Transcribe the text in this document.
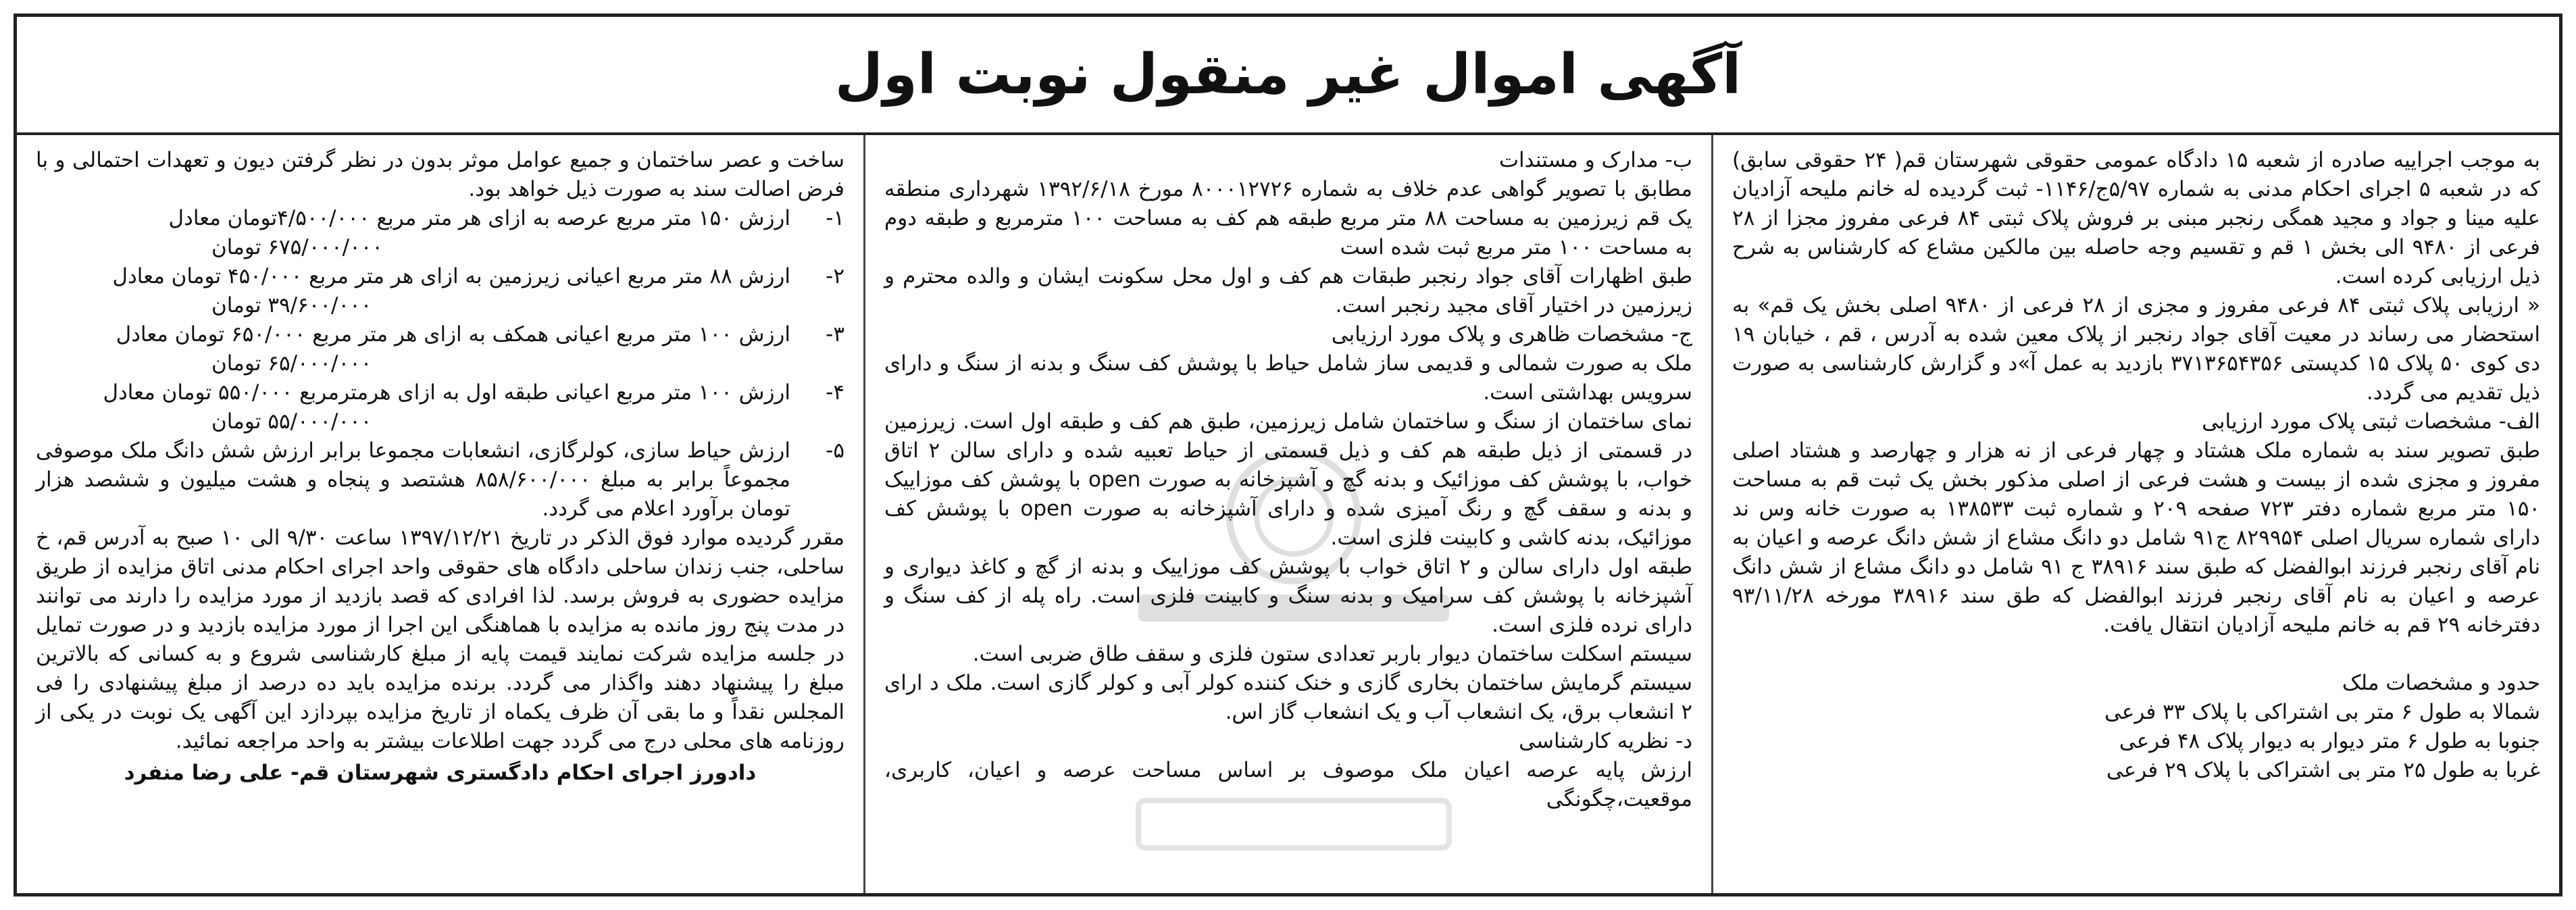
آگهی اموال غیر منقول نوبت اول

به موجب اجراییه صادره از شعبه ۱۵ دادگاه عمومی حقوقی شهرستان قم( ۲۴ حقوقی سابق) که در شعبه ۵ اجرای احکام مدنی به شماره ۵/۹۷ج/۱۱۴۶- ثبت گردیده له خانم ملیحه آزادیان علیه مینا و جواد و مجید همگی رنجبر مبنی بر فروش پلاک ثبتی ۸۴ فرعی مفروز مجزا از ۲۸ فرعی از ۹۴۸۰ الی بخش ۱ قم و تقسیم وجه حاصله بین مالکین مشاع که کارشناس به شرح ذیل ارزیابی کرده است.

« ارزیابی پلاک ثبتی ۸۴ فرعی مفروز و مجزی از ۲۸ فرعی از ۹۴۸۰ اصلی بخش یک قم» به استحضار می رساند در معیت آقای جواد رنجبر از پلاک معین شده به آدرس ، قم ، خیابان ۱۹ دی کوی ۵۰ پلاک ۱۵ کدپستی ۳۷۱۳۶۵۴۳۵۶ بازدید به عمل آ»د و گزارش کارشناسی به صورت ذیل تقدیم می گردد.

الف- مشخصات ثبتی پلاک مورد ارزیابی

طبق تصویر سند به شماره ملک هشتاد و چهار فرعی از نه هزار و چهارصد و هشتاد اصلی مفروز و مجزی شده از بیست و هشت فرعی از اصلی مذکور بخش یک ثبت قم به مساحت ۱۵۰ متر مربع شماره دفتر ۷۲۳ صفحه ۲۰۹ و شماره ثبت ۱۳۸۵۳۳ به صورت خانه وس ند دارای شماره سریال اصلی ۸۲۹۹۵۴ ج۹۱ شامل دو دانگ مشاع از شش دانگ عرصه و اعیان به نام آقای رنجبر فرزند ابوالفضل که طبق سند ۳۸۹۱۶ ج ۹۱ شامل دو دانگ مشاع از شش دانگ عرصه و اعیان به نام آقای رنجبر فرزند ابوالفضل که طق سند ۳۸۹۱۶ مورخه ۹۳/۱۱/۲۸ دفترخانه ۲۹ قم به خانم ملیحه آزادیان انتقال یافت.

حدود و مشخصات ملک

شمالا به طول ۶ متر بی اشتراکی با پلاک ۳۳ فرعی

جنوبا به طول ۶ متر دیوار به دیوار پلاک ۴۸ فرعی

غربا به طول ۲۵ متر بی اشتراکی با پلاک ۲۹ فرعی

ب- مدارک و مستندات

مطابق با تصویر گواهی عدم خلاف به شماره ۸۰۰۰۱۲۷۲۶ مورخ ۱۳۹۲/۶/۱۸ شهرداری منطقه یک قم زیرزمین به مساحت ۸۸ متر مربع طبقه هم کف به مساحت ۱۰۰ مترمربع و طبقه دوم به مساحت ۱۰۰ متر مربع ثبت شده است

طبق اظهارات آقای جواد رنجبر طبقات هم کف و اول محل سکونت ایشان و والده محترم و زیرزمین در اختیار آقای مجید رنجبر است.

ج- مشخصات ظاهری و پلاک مورد ارزیابی

ملک به صورت شمالی و قدیمی ساز شامل حیاط با پوشش کف سنگ و بدنه از سنگ و دارای سرویس بهداشتی است.

نمای ساختمان از سنگ و ساختمان شامل زیرزمین، طبق هم کف و طبقه اول است. زیرزمین در قسمتی از ذیل طبقه هم کف و ذیل قسمتی از حیاط تعبیه شده و دارای سالن ۲ اتاق خواب، با پوشش کف موزائیک و بدنه گچ و آشپزخانه به صورت open با پوشش کف موزاییک و بدنه و سقف گچ و رنگ آمیزی شده و دارای آشپزخانه به صورت open با پوشش کف موزائیک، بدنه کاشی و کابینت فلزی است.

طبقه اول دارای سالن و ۲ اتاق خواب با پوشش کف موزاییک و بدنه از گچ و کاغذ دیواری و آشپزخانه با پوشش کف سرامیک و بدنه سنگ و کابینت فلزی است. راه پله از کف سنگ و دارای نرده فلزی است.

سیستم اسکلت ساختمان دیوار باربر تعدادی ستون فلزی و سقف طاق ضربی است.

سیستم گرمایش ساختمان بخاری گازی و خنک کننده کولر آبی و کولر گازی است. ملک د ارای ۲ انشعاب برق، یک انشعاب آب و یک انشعاب گاز اس.

د- نظریه کارشناسی

ارزش پایه عرصه اعیان ملک موصوف بر اساس مساحت عرصه و اعیان، کاربری، موقعیت،چگونگی

ساخت و عصر ساختمان و جمیع عوامل موثر بدون در نظر گرفتن دیون و تعهدات احتمالی و با فرض اصالت سند به صورت ذیل خواهد بود.

۱-
ارزش ۱۵۰ متر مربع عرصه به ازای هر متر مربع ۴/۵۰۰/۰۰۰تومان معادل
۶۷۵/۰۰۰/۰۰۰ تومان
۲-
ارزش ۸۸ متر مربع اعیانی زیرزمین به ازای هر متر مربع ۴۵۰/۰۰۰ تومان معادل
۳۹/۶۰۰/۰۰۰ تومان
۳-
ارزش ۱۰۰ متر مربع اعیانی همکف به ازای هر متر مربع ۶۵۰/۰۰۰ تومان معادل
۶۵/۰۰۰/۰۰۰ تومان
۴-
ارزش ۱۰۰ متر مربع اعیانی طبقه اول به ازای هرمترمربع ۵۵۰/۰۰۰ تومان معادل
۵۵/۰۰۰/۰۰۰ تومان
۵-
ارزش حیاط سازی، کولرگازی، انشعابات مجموعا برابر ارزش شش دانگ ملک موصوفی مجموعاً برابر به مبلغ ۸۵۸/۶۰۰/۰۰۰ هشتصد و پنجاه و هشت میلیون و ششصد هزار تومان برآورد اعلام می گردد.

مقرر گردیده موارد فوق الذکر در تاریخ ۱۳۹۷/۱۲/۲۱ ساعت ۹/۳۰ الی ۱۰ صبح به آدرس قم، خ ساحلی، جنب زندان ساحلی دادگاه های حقوقی واحد اجرای احکام مدنی اتاق مزایده از طریق مزایده حضوری به فروش برسد. لذا افرادی که قصد بازدید از مورد مزایده را دارند می توانند در مدت پنج روز مانده به مزایده با هماهنگی این اجرا از مورد مزایده بازدید و در صورت تمایل در جلسه مزایده شرکت نمایند قیمت پایه از مبلغ کارشناسی شروع و به کسانی که بالاترین مبلغ را پیشنهاد دهند واگذار می گردد. برنده مزایده باید ده درصد از مبلغ پیشنهادی را فی المجلس نقداً و ما بقی آن ظرف یکماه از تاریخ مزایده بپردازد این آگهی یک نوبت در یکی از روزنامه های محلی درج می گردد جهت اطلاعات بیشتر به واحد مراجعه نمائید.

دادورز اجرای احکام دادگستری شهرستان قم- علی رضا منفرد
